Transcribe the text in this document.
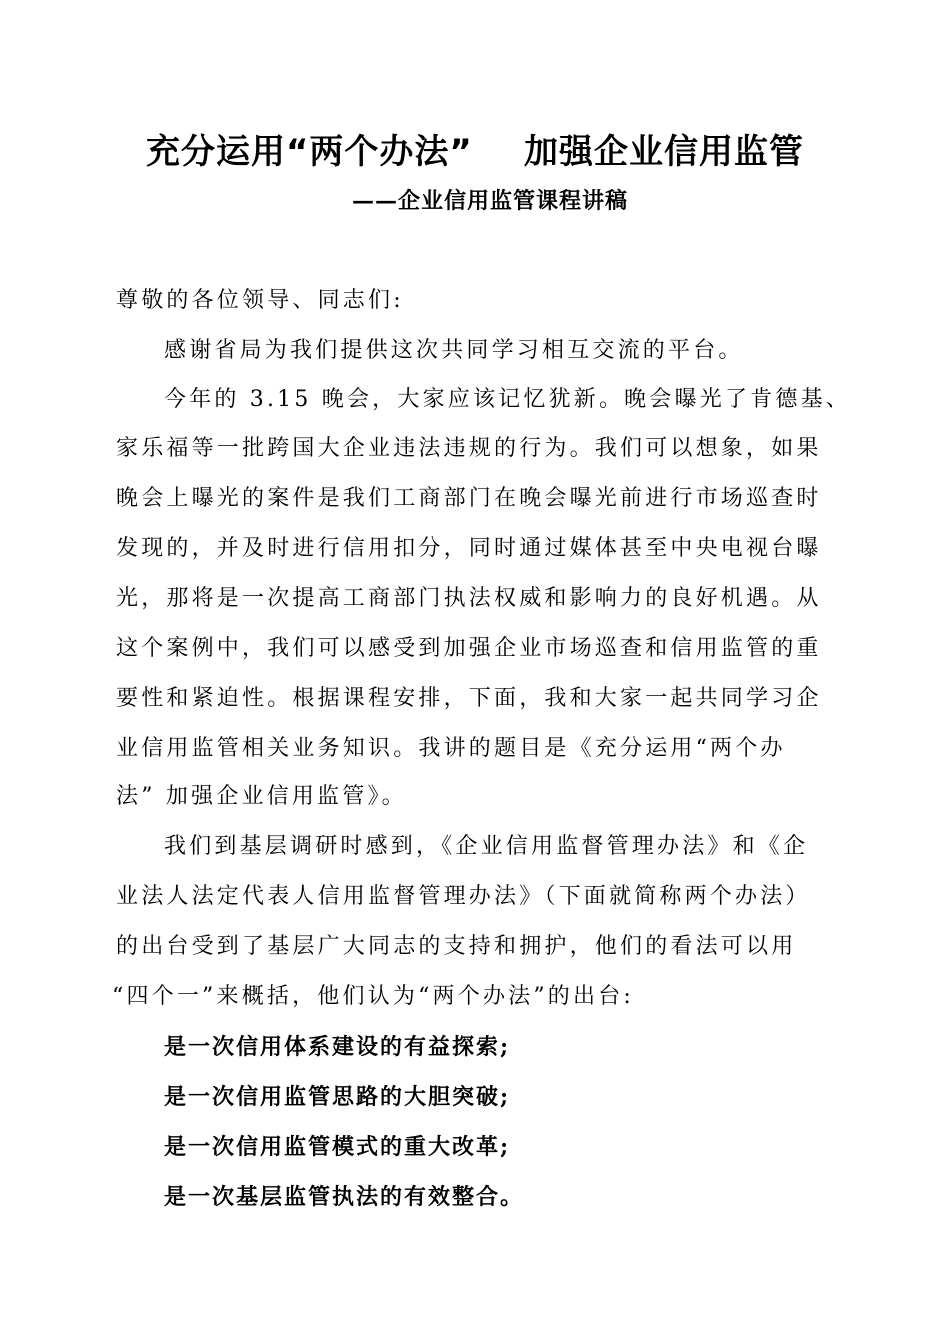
充分运用“两个办法”    加强企业信用监管
——企业信用监管课程讲稿
尊敬的各位领导、同志们:
感谢省局为我们提供这次共同学习相互交流的平台。
今年的 3.15 晚会，大家应该记忆犹新。晚会曝光了肯德基、
家乐福等一批跨国大企业违法违规的行为。我们可以想象，如果
晚会上曝光的案件是我们工商部门在晚会曝光前进行市场巡查时
发现的，并及时进行信用扣分，同时通过媒体甚至中央电视台曝
光，那将是一次提高工商部门执法权威和影响力的良好机遇。从
这个案例中，我们可以感受到加强企业市场巡查和信用监管的重
要性和紧迫性。根据课程安排，下面，我和大家一起共同学习企
业信用监管相关业务知识。我讲的题目是《充分运用“两个办
法” 加强企业信用监管》。
我们到基层调研时感到，《企业信用监督管理办法》和《企
业法人法定代表人信用监督管理办法》（下面就简称两个办法）
的出台受到了基层广大同志的支持和拥护，他们的看法可以用
“四个一”来概括，他们认为“两个办法”的出台:
是一次信用体系建设的有益探索;
是一次信用监管思路的大胆突破;
是一次信用监管模式的重大改革;
是一次基层监管执法的有效整合。
